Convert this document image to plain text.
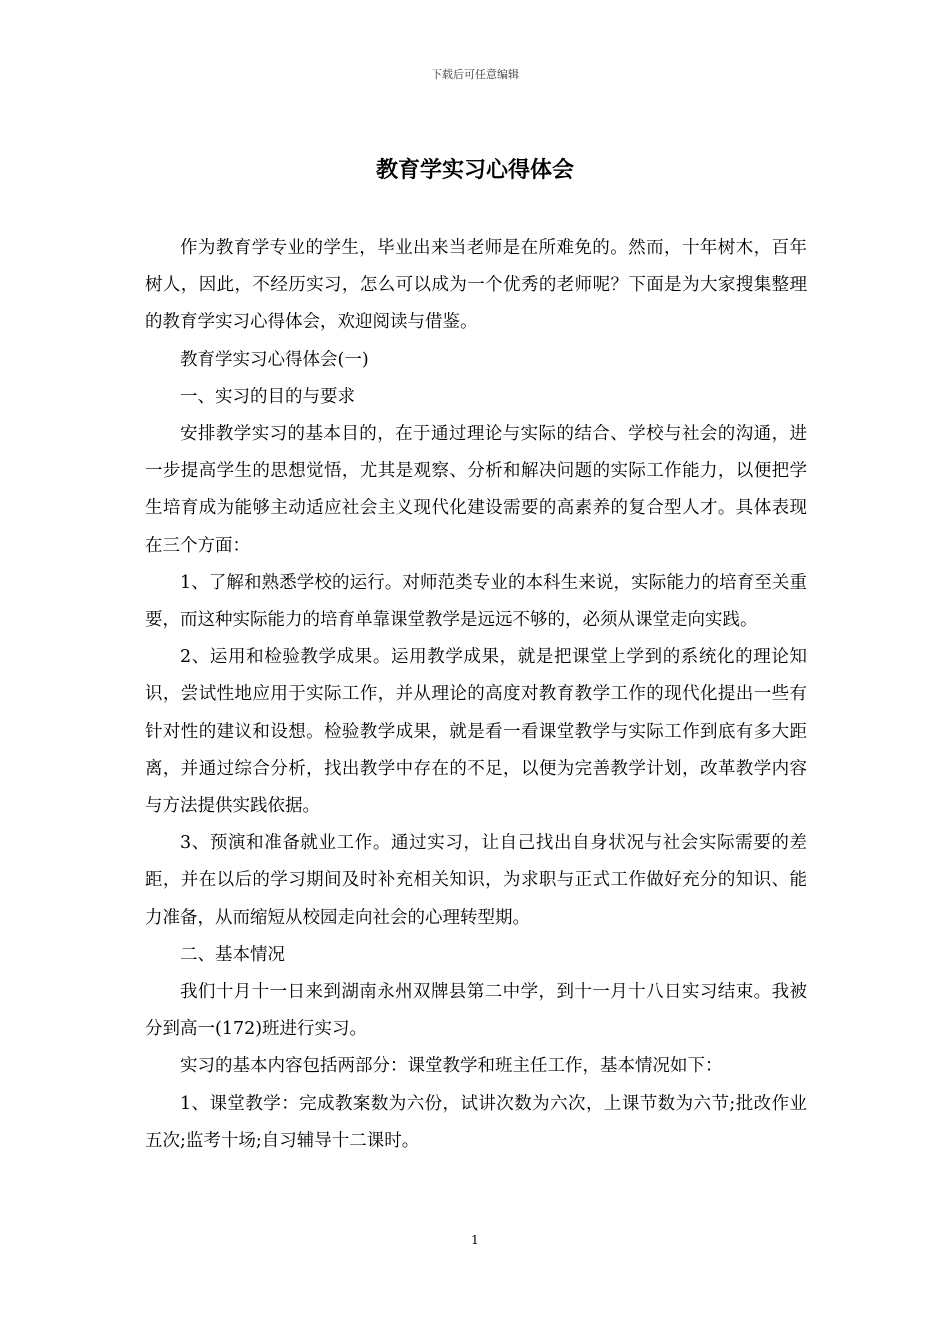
下载后可任意编辑
教育学实习心得体会

作为教育学专业的学生，毕业出来当老师是在所难免的。然而，十年树木，百年树人，因此，不经历实习，怎么可以成为一个优秀的老师呢？下面是为大家搜集整理的教育学实习心得体会，欢迎阅读与借鉴。

教育学实习心得体会(一)

一、实习的目的与要求

安排教学实习的基本目的，在于通过理论与实际的结合、学校与社会的沟通，进一步提高学生的思想觉悟，尤其是观察、分析和解决问题的实际工作能力，以便把学生培育成为能够主动适应社会主义现代化建设需要的高素养的复合型人才。具体表现在三个方面：

1、了解和熟悉学校的运行。对师范类专业的本科生来说，实际能力的培育至关重要，而这种实际能力的培育单靠课堂教学是远远不够的，必须从课堂走向实践。

2、运用和检验教学成果。运用教学成果，就是把课堂上学到的系统化的理论知识，尝试性地应用于实际工作，并从理论的高度对教育教学工作的现代化提出一些有针对性的建议和设想。检验教学成果，就是看一看课堂教学与实际工作到底有多大距离，并通过综合分析，找出教学中存在的不足，以便为完善教学计划，改革教学内容与方法提供实践依据。

3、预演和准备就业工作。通过实习，让自己找出自身状况与社会实际需要的差距，并在以后的学习期间及时补充相关知识，为求职与正式工作做好充分的知识、能力准备，从而缩短从校园走向社会的心理转型期。

二、基本情况

我们十月十一日来到湖南永州双牌县第二中学，到十一月十八日实习结束。我被分到高一(172)班进行实习。

实习的基本内容包括两部分：课堂教学和班主任工作，基本情况如下：

1、课堂教学：完成教案数为六份，试讲次数为六次，上课节数为六节;批改作业五次;监考十场;自习辅导十二课时。

1
